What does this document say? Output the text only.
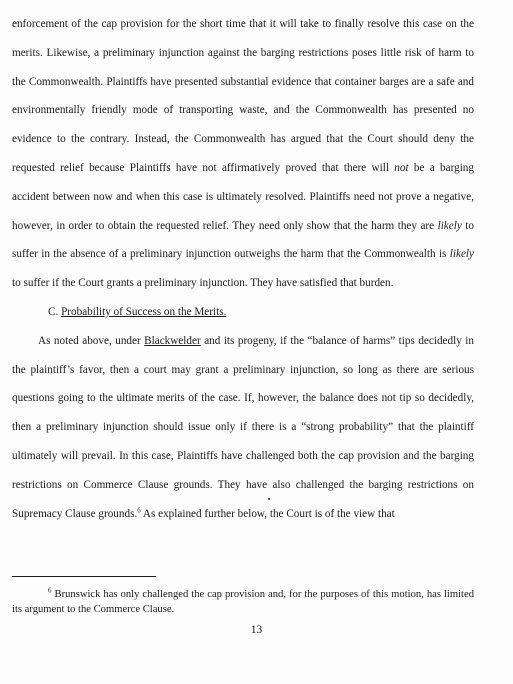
enforcement of the cap provision for the short time that it will take to finally resolve this case on the merits. Likewise, a preliminary injunction against the barging restrictions poses little risk of harm to the Commonwealth. Plaintiffs have presented substantial evidence that container barges are a safe and environmentally friendly mode of transporting waste, and the Commonwealth has presented no evidence to the contrary. Instead, the Commonwealth has argued that the Court should deny the requested relief because Plaintiffs have not affirmatively proved that there will not be a barging accident between now and when this case is ultimately resolved. Plaintiffs need not prove a negative, however, in order to obtain the requested relief. They need only show that the harm they are likely to suffer in the absence of a preliminary injunction outweighs the harm that the Commonwealth is likely to suffer if the Court grants a preliminary injunction. They have satisfied that burden.

C. Probability of Success on the Merits.

As noted above, under Blackwelder and its progeny, if the “balance of harms” tips decidedly in the plaintiff’s favor, then a court may grant a preliminary injunction, so long as there are serious questions going to the ultimate merits of the case. If, however, the balance does not tip so decidedly, then a preliminary injunction should issue only if there is a “strong probability” that the plaintiff ultimately will prevail. In this case, Plaintiffs have challenged both the cap provision and the barging restrictions on Commerce Clause grounds. They have also challenged the barging restrictions on Supremacy Clause grounds.$^6$ As explained further below, the Court is of the view that

$^6$ Brunswick has only challenged the cap provision and, for the purposes of this motion, has limited its argument to the Commerce Clause.

13
